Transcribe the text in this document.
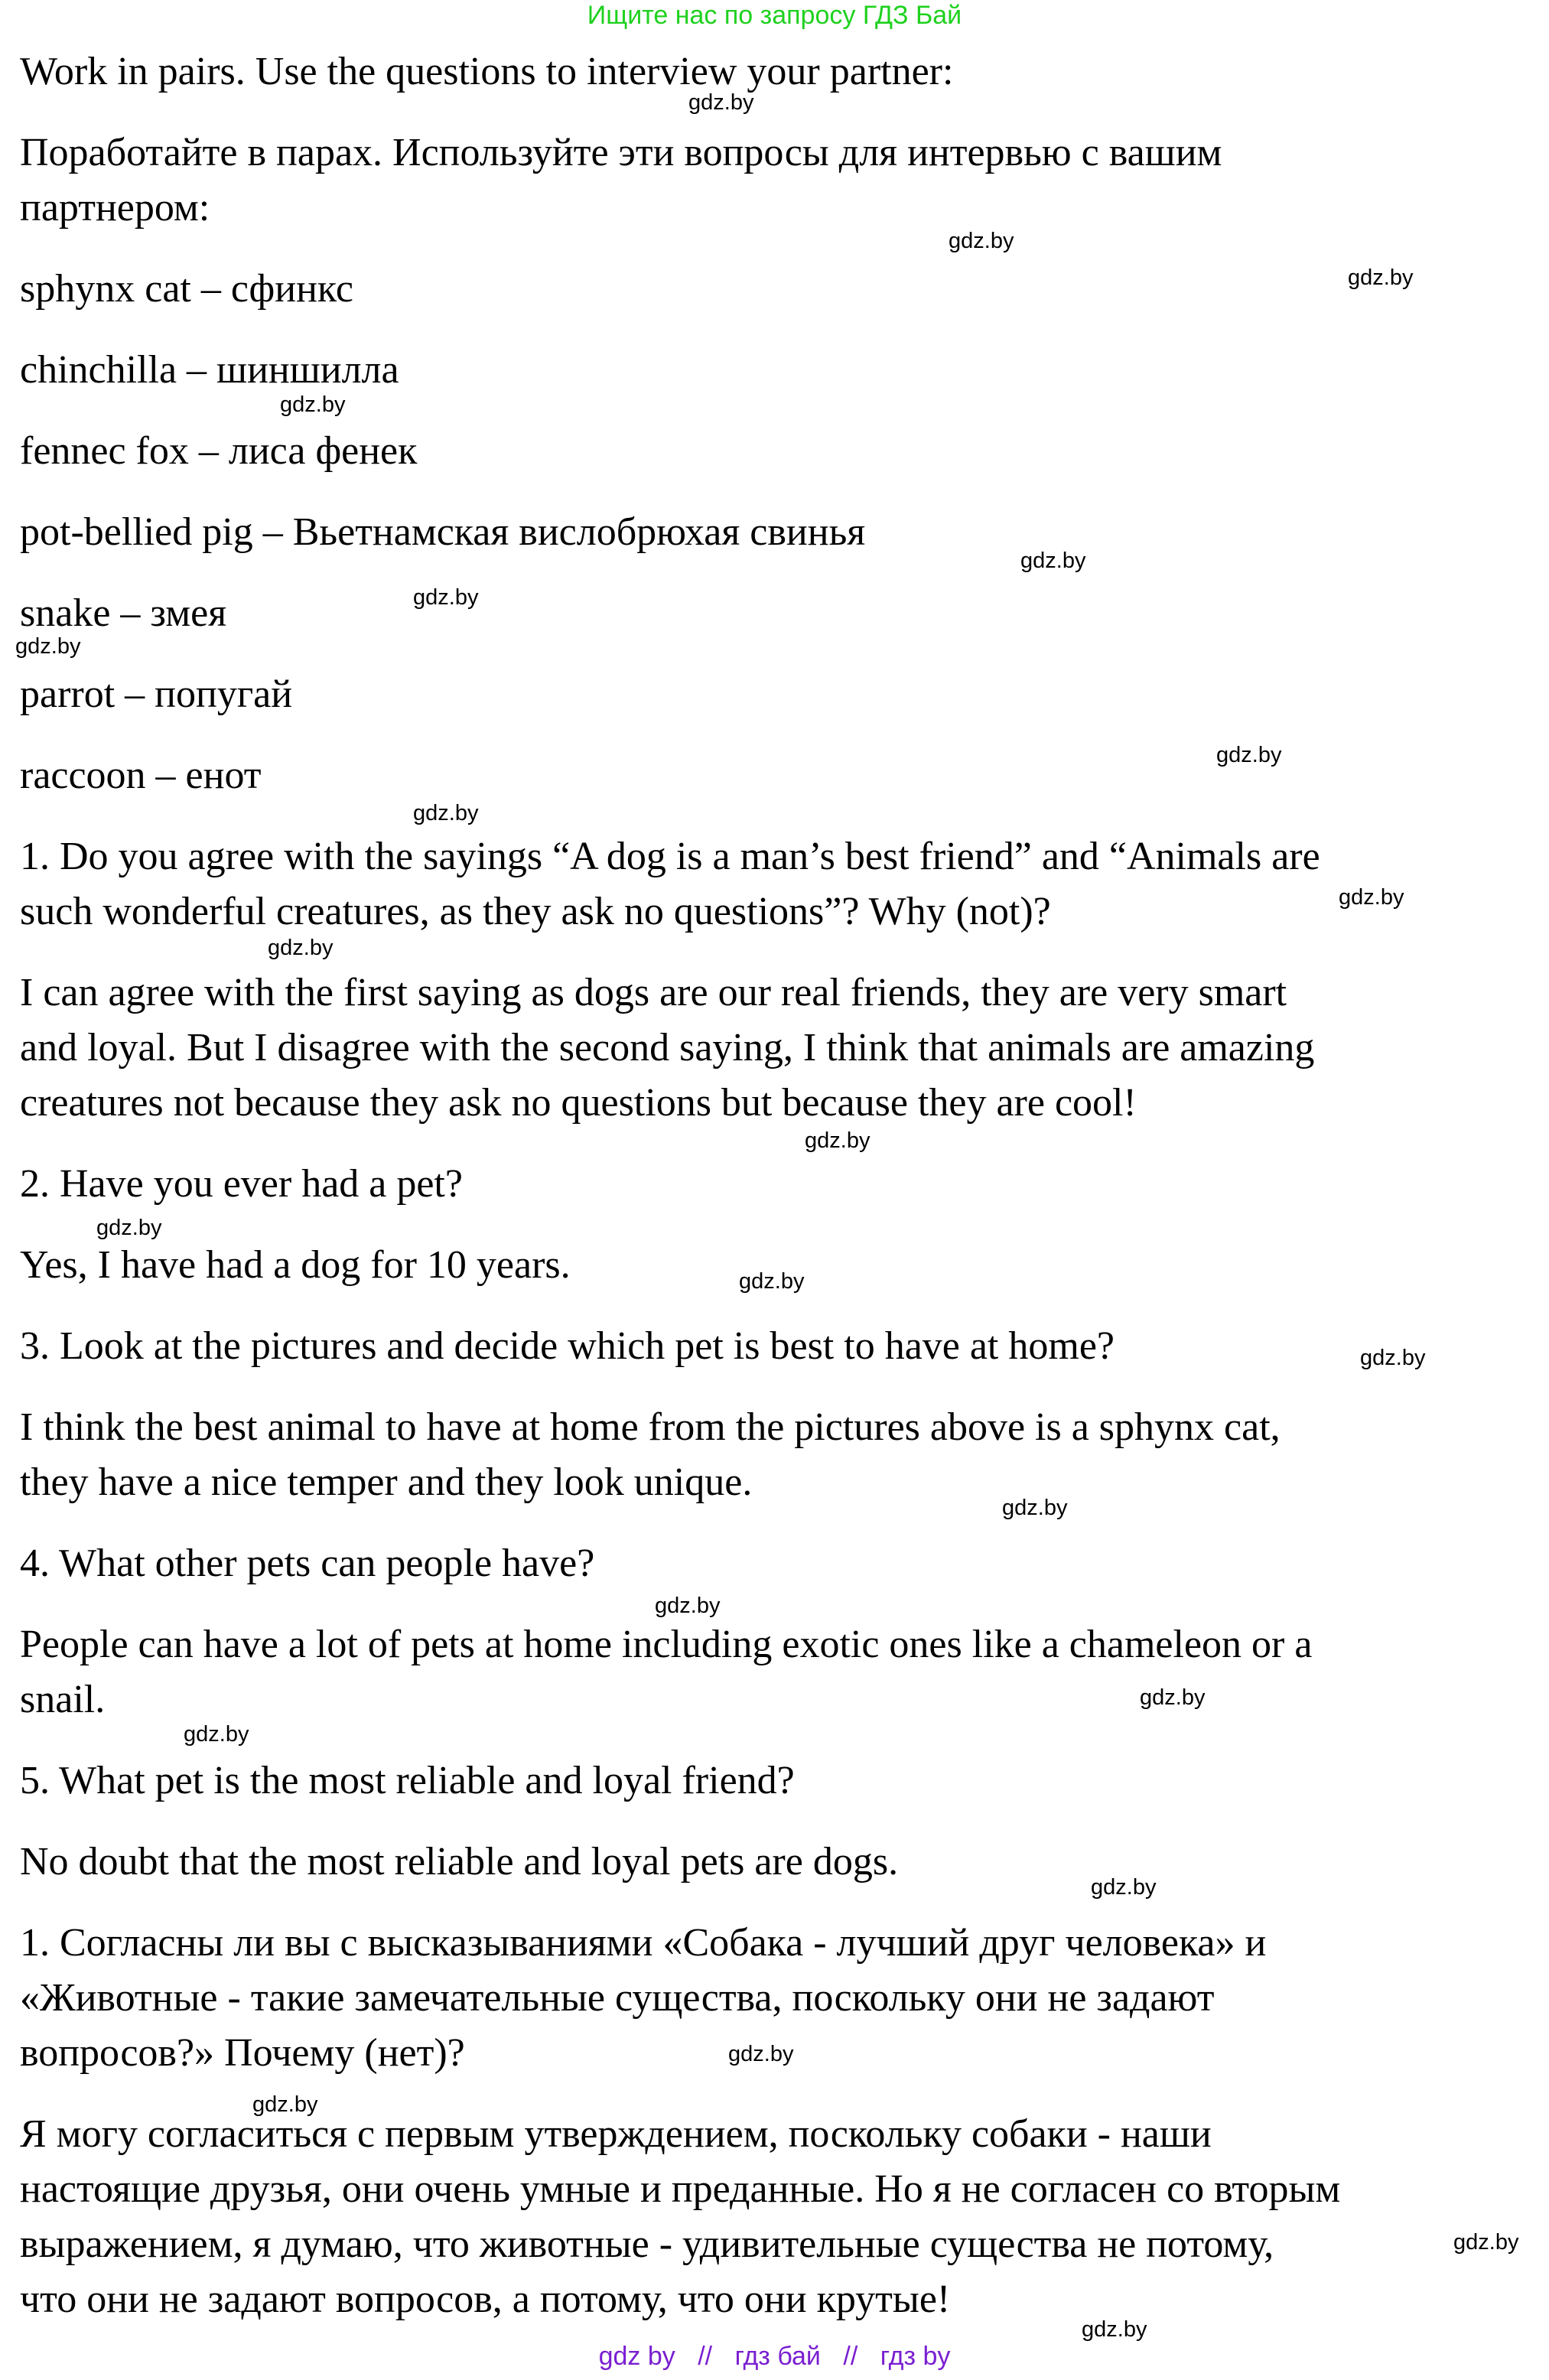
Ищите нас по запросу ГДЗ Бай
Work in pairs. Use the questions to interview your partner:
Поработайте в парах. Используйте эти вопросы для интервью с вашим
партнером:
sphynx cat – сфинкс
chinchilla – шиншилла
fennec fox – лиса фенек
pot-bellied pig – Вьетнамская вислобрюхая свинья
snake – змея
parrot – попугай
raccoon – енот
1. Do you agree with the sayings “A dog is a man’s best friend” and “Animals are
such wonderful creatures, as they ask no questions”? Why (not)?
I can agree with the first saying as dogs are our real friends, they are very smart
and loyal. But I disagree with the second saying, I think that animals are amazing
creatures not because they ask no questions but because they are cool!
2. Have you ever had a pet?
Yes, I have had a dog for 10 years.
3. Look at the pictures and decide which pet is best to have at home?
I think the best animal to have at home from the pictures above is a sphynx cat,
they have a nice temper and they look unique.
4. What other pets can people have?
People can have a lot of pets at home including exotic ones like a chameleon or a
snail.
5. What pet is the most reliable and loyal friend?
No doubt that the most reliable and loyal pets are dogs.
1. Согласны ли вы с высказываниями «Собака - лучший друг человека» и
«Животные - такие замечательные существа, поскольку они не задают
вопросов?» Почему (нет)?
Я могу согласиться с первым утверждением, поскольку собаки - наши
настоящие друзья, они очень умные и преданные. Но я не согласен со вторым
выражением, я думаю, что животные - удивительные существа не потому,
что они не задают вопросов, а потому, что они крутые!
gdz.by
gdz.by
gdz.by
gdz.by
gdz.by
gdz.by
gdz.by
gdz.by
gdz.by
gdz.by
gdz.by
gdz.by
gdz.by
gdz.by
gdz.by
gdz.by
gdz.by
gdz.by
gdz.by
gdz.by
gdz.by
gdz.by
gdz.by
gdz.by
gdz by // гдз бай // гдз by
